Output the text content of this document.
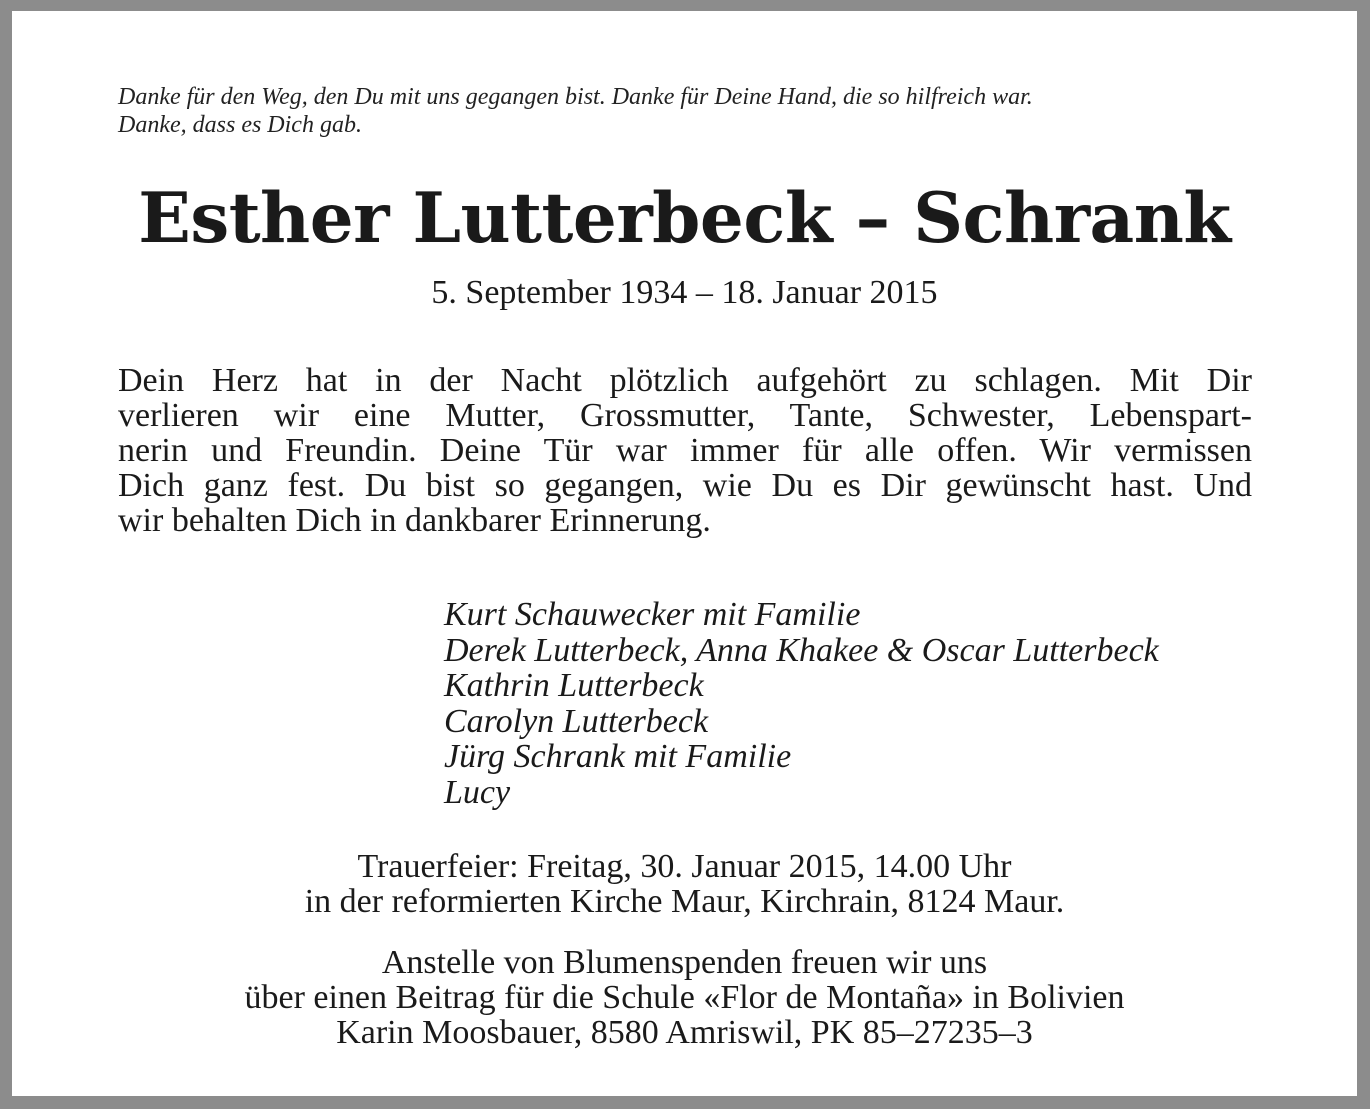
Danke für den Weg, den Du mit uns gegangen bist. Danke für Deine Hand, die so hilfreich war.
Danke, dass es Dich gab.

Esther Lutterbeck – Schrank

5. September 1934 – 18. Januar 2015

Dein Herz hat in der Nacht plötzlich aufgehört zu schlagen. Mit Dir
verlieren wir eine Mutter, Grossmutter, Tante, Schwester, Lebenspart-
nerin und Freundin. Deine Tür war immer für alle offen. Wir vermissen
Dich ganz fest. Du bist so gegangen, wie Du es Dir gewünscht hast. Und
wir behalten Dich in dankbarer Erinnerung.

Kurt Schauwecker mit Familie
Derek Lutterbeck, Anna Khakee & Oscar Lutterbeck
Kathrin Lutterbeck
Carolyn Lutterbeck
Jürg Schrank mit Familie
Lucy

Trauerfeier: Freitag, 30. Januar 2015, 14.00 Uhr
in der reformierten Kirche Maur, Kirchrain, 8124 Maur.

Anstelle von Blumenspenden freuen wir uns
über einen Beitrag für die Schule «Flor de Montaña» in Bolivien
Karin Moosbauer, 8580 Amriswil, PK 85–27235–3
